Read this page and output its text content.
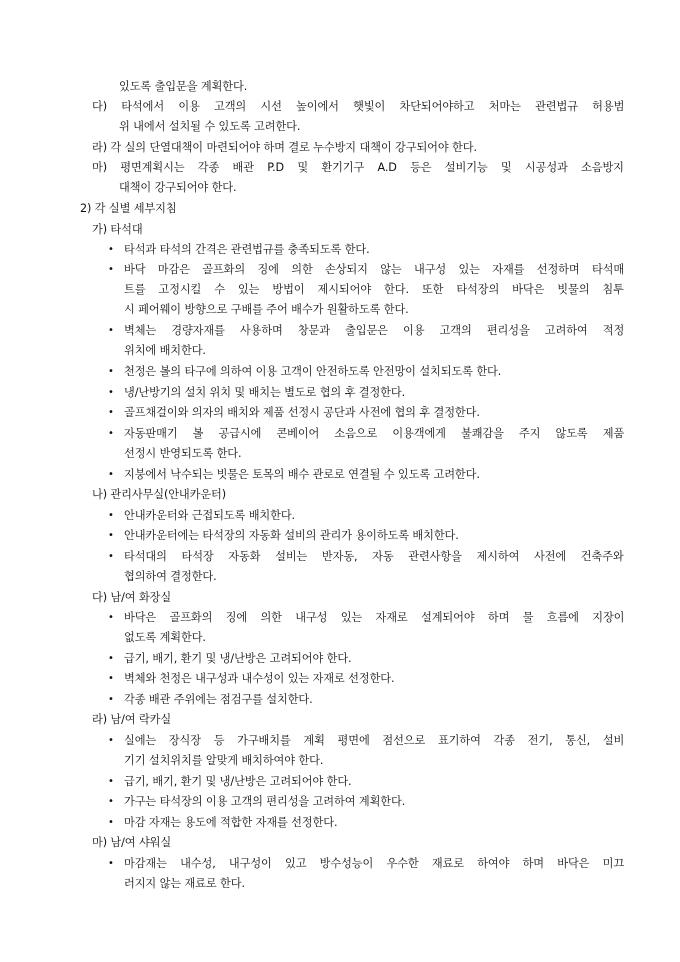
있도록 출입문을 계획한다.
다) 타석에서 이용 고객의 시선 높이에서 햇빛이 차단되어야하고 처마는 관련법규 허용범
위 내에서 설치될 수 있도록 고려한다.
라) 각 실의 단열대책이 마련되어야 하며 결로 누수방지 대책이 강구되어야 한다.
마) 평면계획시는 각종 배관 P.D 및 환기기구 A.D 등은 설비기능 및 시공성과 소음방지
대책이 강구되어야 한다.
2) 각 실별 세부지침
가) 타석대
타석과 타석의 간격은 관련법규를 충족되도록 한다.
•
바닥 마감은 골프화의 징에 의한 손상되지 않는 내구성 있는 자재를 선정하며 타석매
•
트를 고정시킬 수 있는 방법이 제시되어야 한다. 또한 타석장의 바닥은 빗물의 침투
시 페어웨이 방향으로 구배를 주어 배수가 원활하도록 한다.
벽체는 경량자재를 사용하며 창문과 출입문은 이용 고객의 편리성을 고려하여 적정
•
위치에 배치한다.
천정은 볼의 타구에 의하여 이용 고객이 안전하도록 안전망이 설치되도록 한다.
•
냉/난방기의 설치 위치 및 배치는 별도로 협의 후 결정한다.
•
골프채걸이와 의자의 배치와 제품 선정시 공단과 사전에 협의 후 결정한다.
•
자동판매기 볼 공급시에 콘베이어 소음으로 이용객에게 불쾌감을 주지 않도록 제품
•
선정시 반영되도록 한다.
지붕에서 낙수되는 빗물은 토목의 배수 관로로 연결될 수 있도록 고려한다.
•
나) 관리사무실(안내카운터)
안내카운터와 근접되도록 배치한다.
•
안내카운터에는 타석장의 자동화 설비의 관리가 용이하도록 배치한다.
•
타석대의 타석장 자동화 설비는 반자동, 자동 관련사항을 제시하여 사전에 건축주와
•
협의하여 결정한다.
다) 남/여 화장실
바닥은 골프화의 징에 의한 내구성 있는 자재로 설계되어야 하며 물 흐름에 지장이
•
없도록 계획한다.
급기, 배기, 환기 및 냉/난방은 고려되어야 한다.
•
벽체와 천정은 내구성과 내수성이 있는 자재로 선정한다.
•
각종 배관 주위에는 점검구를 설치한다.
•
라) 남/여 락카실
실에는 장식장 등 가구배치를 계획 평면에 점선으로 표기하여 각종 전기, 통신, 설비
•
기기 설치위치를 알맞게 배치하여야 한다.
급기, 배기, 환기 및 냉/난방은 고려되어야 한다.
•
가구는 타석장의 이용 고객의 편리성을 고려하여 계획한다.
•
마감 자재는 용도에 적합한 자재를 선정한다.
•
마) 남/여 샤워실
마감재는 내수성, 내구성이 있고 방수성능이 우수한 재료로 하여야 하며 바닥은 미끄
•
러지지 않는 재료로 한다.
